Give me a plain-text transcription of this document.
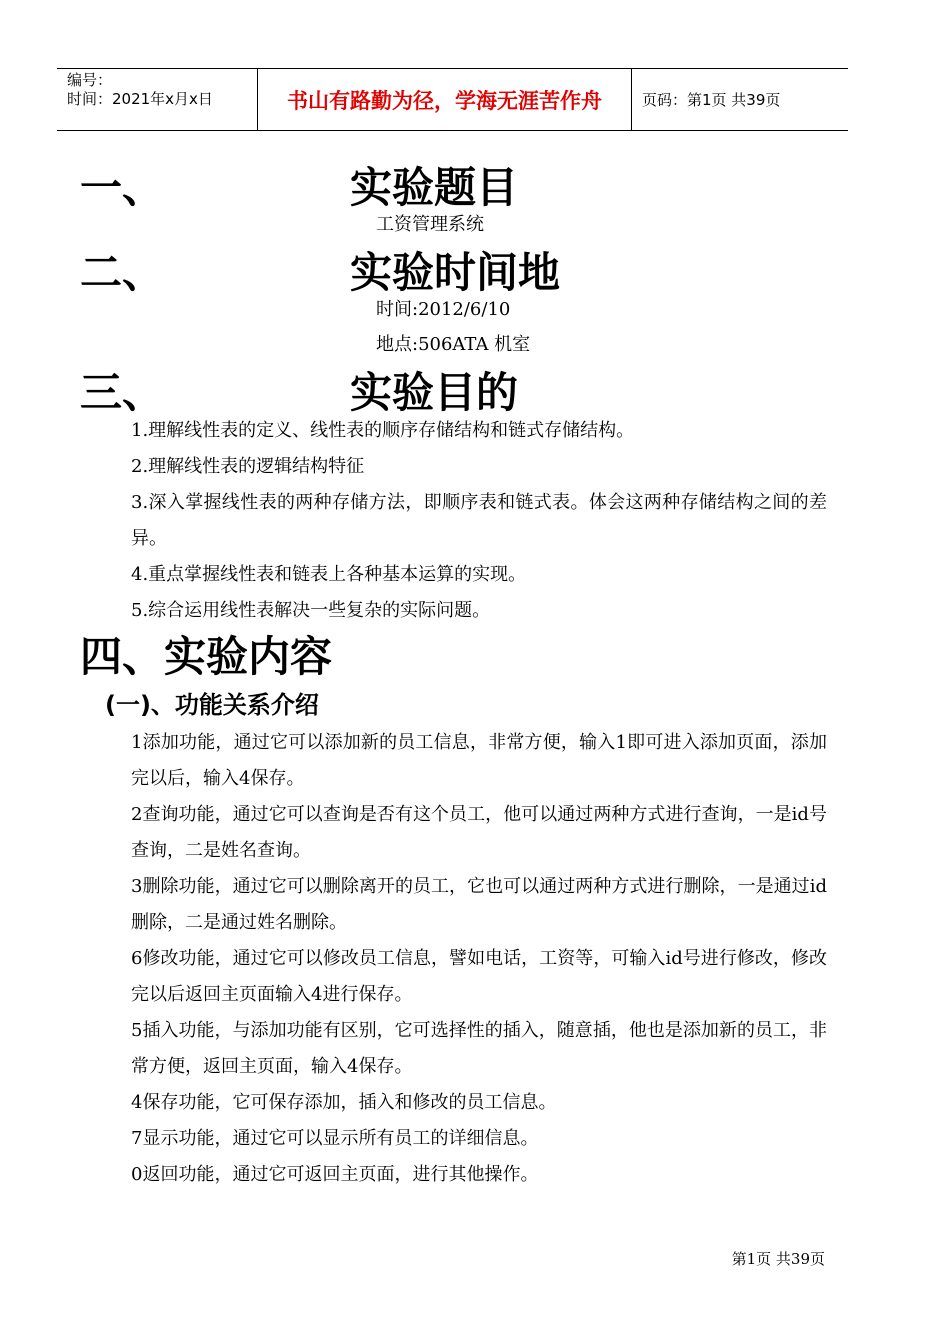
编号：
时间：2021年x月x日	书山有路勤为径，学海无涯苦作舟	页码：第1页 共39页
一、	实验题目
工资管理系统
二、	实验时间地
时间:2012/6/10
地点:506ATA 机室
三、	实验目的
1.理解线性表的定义、线性表的顺序存储结构和链式存储结构。
2.理解线性表的逻辑结构特征
3.深入掌握线性表的两种存储方法，即顺序表和链式表。体会这两种存储结构之间的差异。
4.重点掌握线性表和链表上各种基本运算的实现。
5.综合运用线性表解决一些复杂的实际问题。
四、实验内容
(一)、功能关系介绍
1添加功能，通过它可以添加新的员工信息，非常方便，输入1即可进入添加页面，添加完以后，输入4保存。
2查询功能，通过它可以查询是否有这个员工，他可以通过两种方式进行查询，一是id号查询，二是姓名查询。
3删除功能，通过它可以删除离开的员工，它也可以通过两种方式进行删除，一是通过id删除，二是通过姓名删除。
6修改功能，通过它可以修改员工信息，譬如电话，工资等，可输入id号进行修改，修改完以后返回主页面输入4进行保存。
5插入功能，与添加功能有区别，它可选择性的插入，随意插，他也是添加新的员工，非常方便，返回主页面，输入4保存。
4保存功能，它可保存添加，插入和修改的员工信息。
7显示功能，通过它可以显示所有员工的详细信息。
0返回功能，通过它可返回主页面，进行其他操作。
第1页 共39页
